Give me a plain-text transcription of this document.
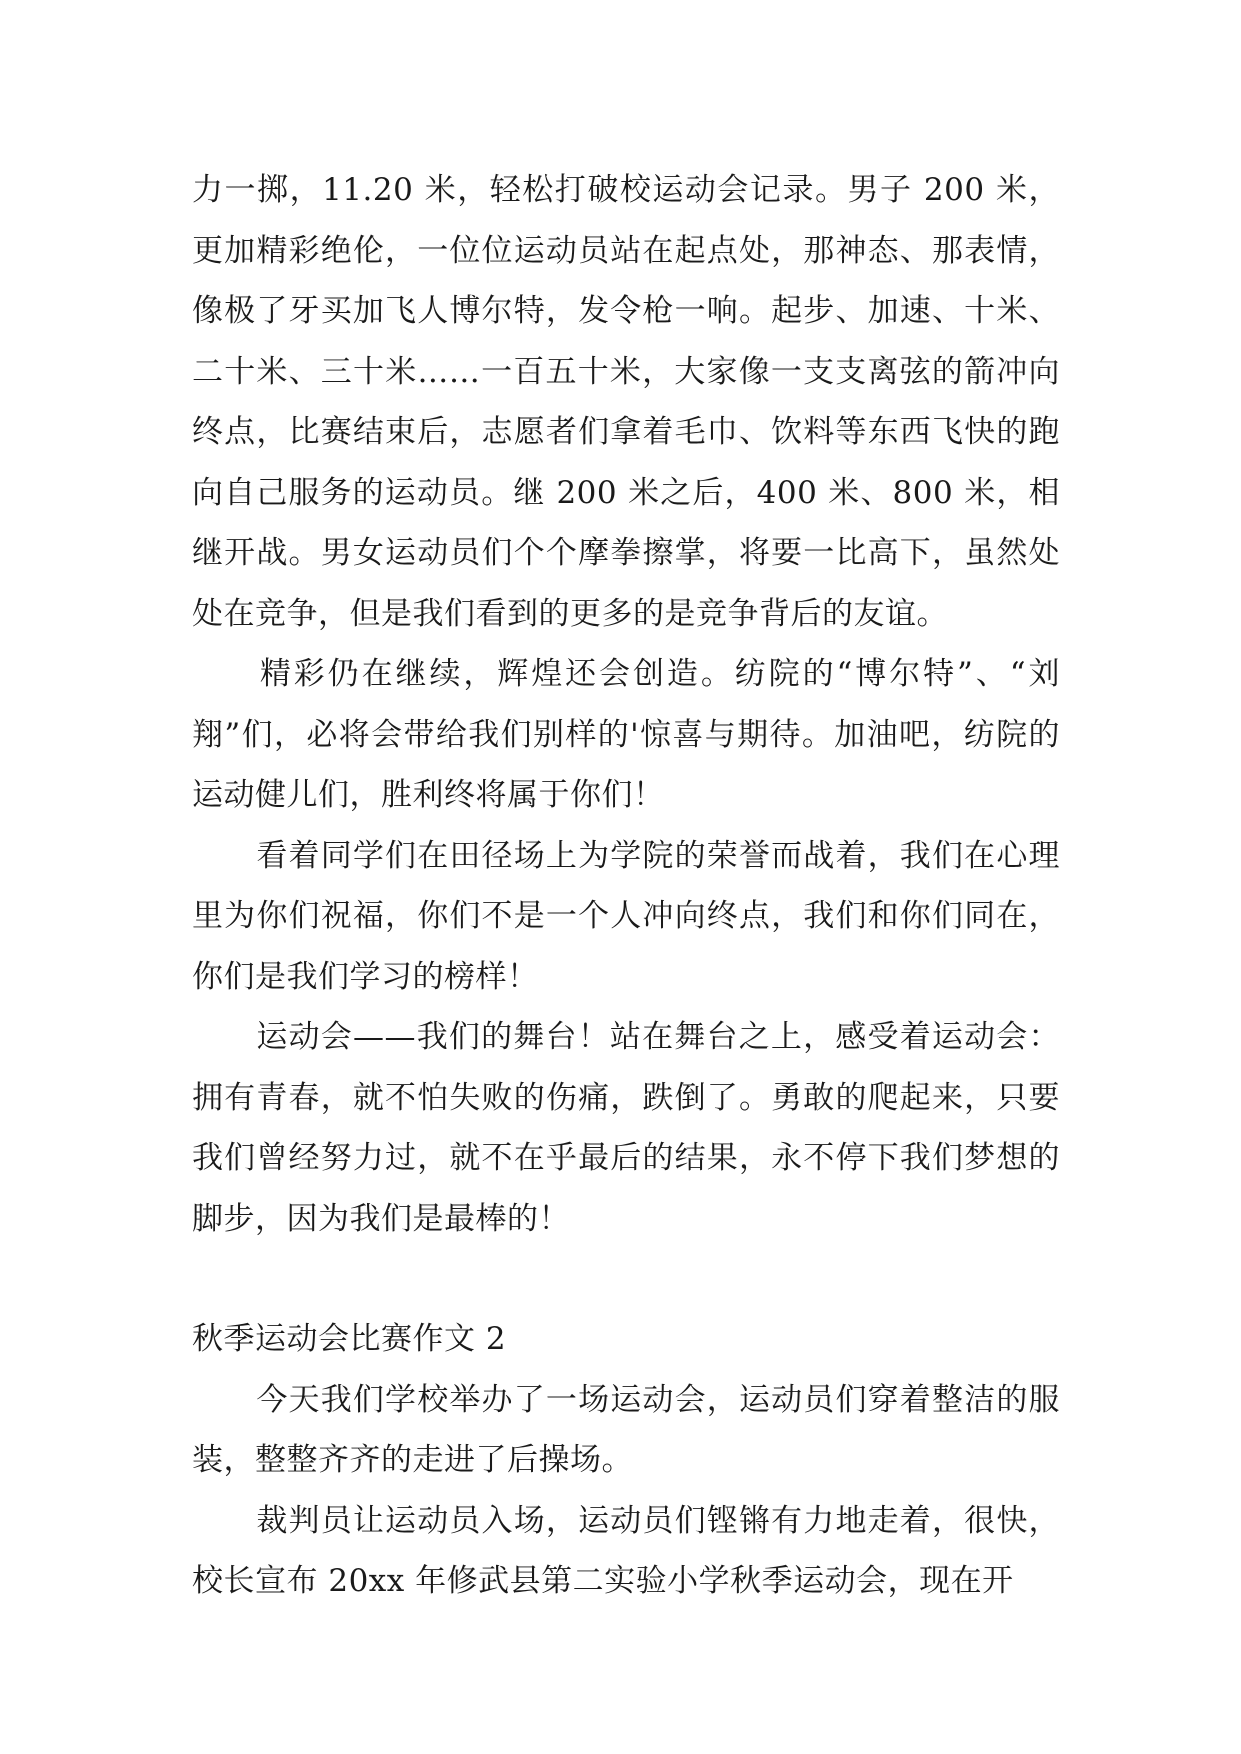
力一掷，11.20 米，轻松打破校运动会记录。男子 200 米，更加精彩绝伦，一位位运动员站在起点处，那神态、那表情，像极了牙买加飞人博尔特，发令枪一响。起步、加速、十米、二十米、三十米……一百五十米，大家像一支支离弦的箭冲向终点，比赛结束后，志愿者们拿着毛巾、饮料等东西飞快的跑向自己服务的运动员。继 200 米之后，400 米、800 米，相继开战。男女运动员们个个摩拳擦掌，将要一比高下，虽然处处在竞争，但是我们看到的更多的是竞争背后的友谊。

　　精彩仍在继续，辉煌还会创造。纺院的“博尔特”、“刘翔”们，必将会带给我们别样的'惊喜与期待。加油吧，纺院的运动健儿们，胜利终将属于你们！

　　看着同学们在田径场上为学院的荣誉而战着，我们在心理里为你们祝福，你们不是一个人冲向终点，我们和你们同在，你们是我们学习的榜样！

　　运动会——我们的舞台！站在舞台之上，感受着运动会：拥有青春，就不怕失败的伤痛，跌倒了。勇敢的爬起来，只要我们曾经努力过，就不在乎最后的结果，永不停下我们梦想的脚步，因为我们是最棒的！

秋季运动会比赛作文 2

　　今天我们学校举办了一场运动会，运动员们穿着整洁的服装，整整齐齐的走进了后操场。

　　裁判员让运动员入场，运动员们铿锵有力地走着，很快，校长宣布 20xx 年修武县第二实验小学秋季运动会，现在开
